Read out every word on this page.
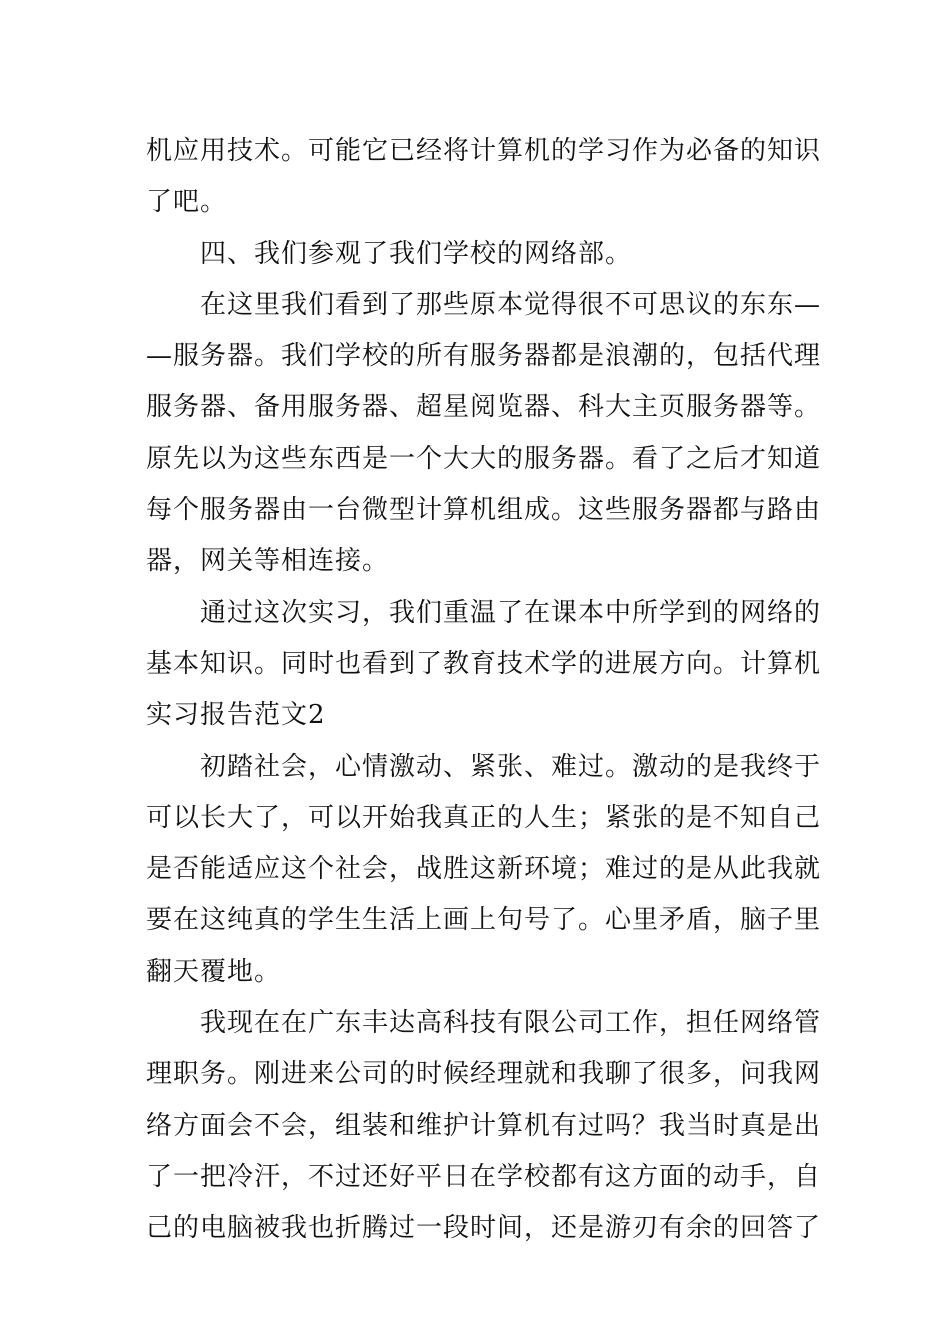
机应用技术。可能它已经将计算机的学习作为必备的知识
了吧。
四、我们参观了我们学校的网络部。
在这里我们看到了那些原本觉得很不可思议的东东—
—服务器。我们学校的所有服务器都是浪潮的，包括代理
服务器、备用服务器、超星阅览器、科大主页服务器等。
原先以为这些东西是一个大大的服务器。看了之后才知道
每个服务器由一台微型计算机组成。这些服务器都与路由
器，网关等相连接。
通过这次实习，我们重温了在课本中所学到的网络的
基本知识。同时也看到了教育技术学的进展方向。计算机
实习报告范文2
初踏社会，心情激动、紧张、难过。激动的是我终于
可以长大了，可以开始我真正的人生；紧张的是不知自己
是否能适应这个社会，战胜这新环境；难过的是从此我就
要在这纯真的学生生活上画上句号了。心里矛盾，脑子里
翻天覆地。
我现在在广东丰达高科技有限公司工作，担任网络管
理职务。刚进来公司的时候经理就和我聊了很多，问我网
络方面会不会，组装和维护计算机有过吗？我当时真是出
了一把冷汗，不过还好平日在学校都有这方面的动手，自
己的电脑被我也折腾过一段时间，还是游刃有余的回答了
